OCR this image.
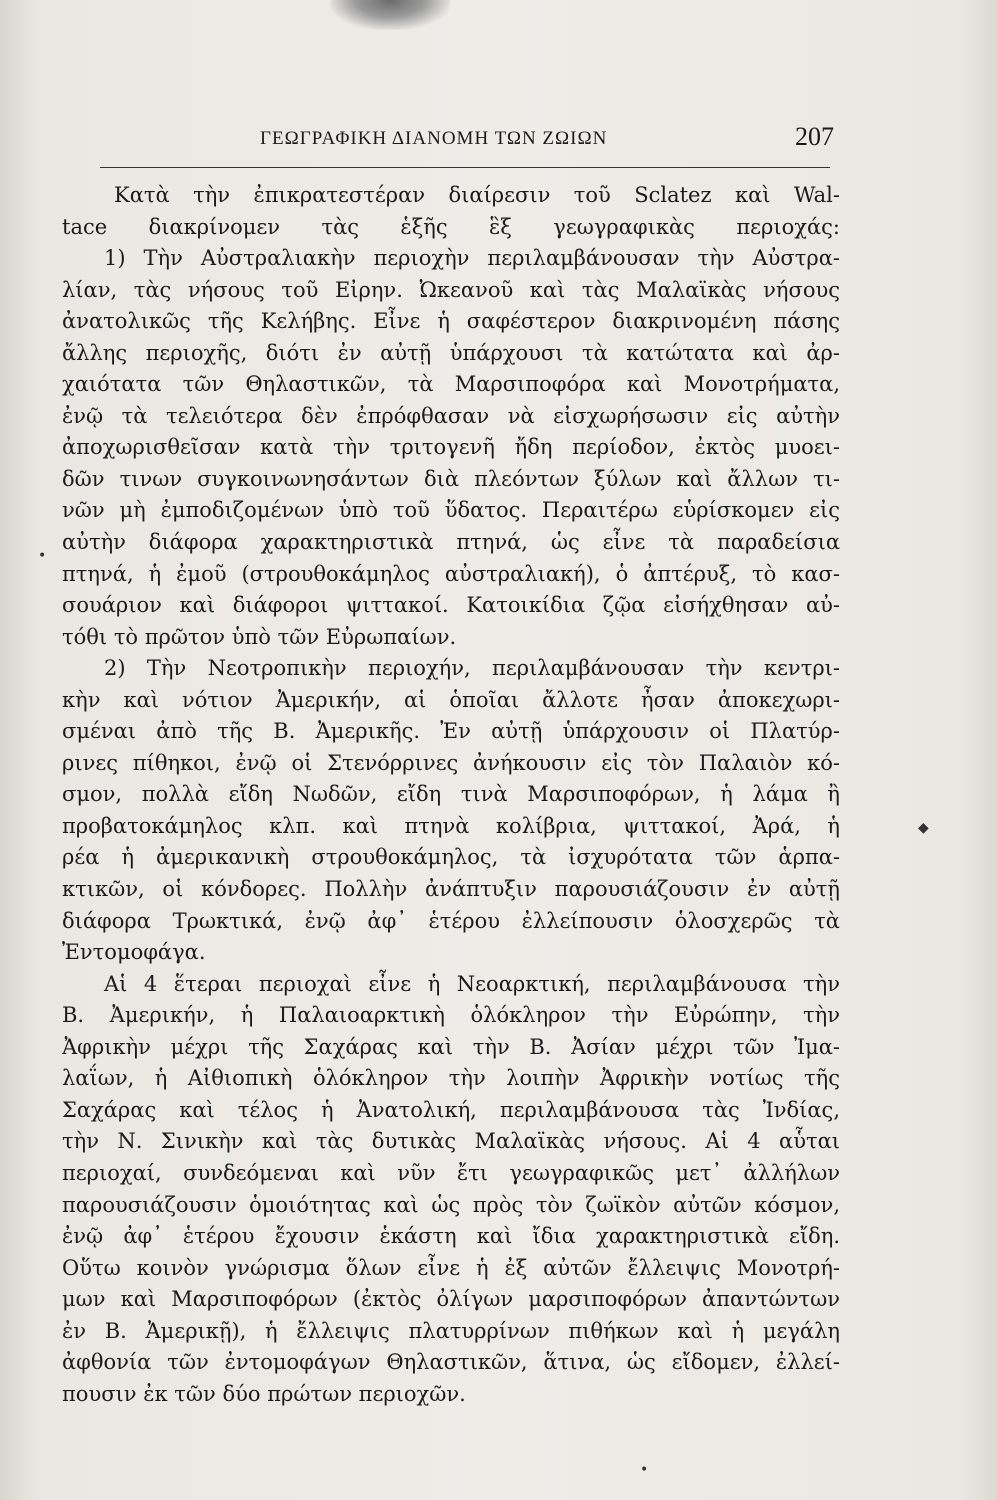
ΓΕΩΓΡΑΦΙΚΗ ΔΙΑΝΟΜΗ ΤΩΝ ΖΩΙΩΝ	207
Κατὰ τὴν ἐπικρατεστέραν διαίρεσιν τοῦ Sclatez καὶ Wal-
tace διακρίνομεν τὰς ἑξῆς ἓξ γεωγραφικὰς περιοχάς:
1) Τὴν Αὐστραλιακὴν περιοχὴν περιλαμβάνουσαν τὴν Αὐστρα-
λίαν, τὰς νήσους τοῦ Εἰρην. Ὠκεανοῦ καὶ τὰς Μαλαϊκὰς νήσους
ἀνατολικῶς τῆς Κελήβης. Εἶνε ἡ σαφέστερον διακρινομένη πάσης
ἄλλης περιοχῆς, διότι ἐν αὐτῇ ὑπάρχουσι τὰ κατώτατα καὶ ἀρ-
χαιότατα τῶν Θηλαστικῶν, τὰ Μαρσιποφόρα καὶ Μονοτρήματα,
ἐνῷ τὰ τελειότερα δὲν ἐπρόφθασαν νὰ εἰσχωρήσωσιν εἰς αὐτὴν
ἀποχωρισθεῖσαν κατὰ τὴν τριτογενῆ ἤδη περίοδον, ἐκτὸς μυοει-
δῶν τινων συγκοινωνησάντων διὰ πλεόντων ξύλων καὶ ἄλλων τι-
νῶν μὴ ἐμποδιζομένων ὑπὸ τοῦ ὕδατος. Περαιτέρω εὑρίσκομεν εἰς
αὐτὴν διάφορα χαρακτηριστικὰ πτηνά, ὡς εἶνε τὰ παραδείσια
πτηνά, ἡ ἐμοῦ (στρουθοκάμηλος αὐστραλιακή), ὁ ἀπτέρυξ, τὸ κασ-
σουάριον καὶ διάφοροι ψιττακοί. Κατοικίδια ζῷα εἰσήχθησαν αὐ-
τόθι τὸ πρῶτον ὑπὸ τῶν Εὐρωπαίων.
2) Τὴν Νεοτροπικὴν περιοχήν, περιλαμβάνουσαν τὴν κεντρι-
κὴν καὶ νότιον Ἀμερικήν, αἱ ὁποῖαι ἄλλοτε ἦσαν ἀποκεχωρι-
σμέναι ἀπὸ τῆς Β. Ἀμερικῆς. Ἐν αὐτῇ ὑπάρχουσιν οἱ Πλατύρ-
ρινες πίθηκοι, ἐνῷ οἱ Στενόρρινες ἀνήκουσιν εἰς τὸν Παλαιὸν κό-
σμον, πολλὰ εἴδη Νωδῶν, εἴδη τινὰ Μαρσιποφόρων, ἡ λάμα ἢ
προβατοκάμηλος κλπ. καὶ πτηνὰ κολίβρια, ψιττακοί, Ἀρά, ἡ
ρέα ἡ ἀμερικανικὴ στρουθοκάμηλος, τὰ ἰσχυρότατα τῶν ἁρπα-
κτικῶν, οἱ κόνδορες. Πολλὴν ἀνάπτυξιν παρουσιάζουσιν ἐν αὐτῇ
διάφορα Τρωκτικά, ἐνῷ ἀφ᾽ ἑτέρου ἐλλείπουσιν ὁλοσχερῶς τὰ
Ἐντομοφάγα.
Αἱ 4 ἕτεραι περιοχαὶ εἶνε ἡ Νεοαρκτική, περιλαμβάνουσα τὴν
Β. Ἀμερικήν, ἡ Παλαιοαρκτικὴ ὁλόκληρον τὴν Εὐρώπην, τὴν
Ἀφρικὴν μέχρι τῆς Σαχάρας καὶ τὴν Β. Ἀσίαν μέχρι τῶν Ἰμα-
λαΐων, ἡ Αἰθιοπικὴ ὁλόκληρον τὴν λοιπὴν Ἀφρικὴν νοτίως τῆς
Σαχάρας καὶ τέλος ἡ Ἀνατολική, περιλαμβάνουσα τὰς Ἰνδίας,
τὴν Ν. Σινικὴν καὶ τὰς δυτικὰς Μαλαϊκὰς νήσους. Αἱ 4 αὗται
περιοχαί, συνδεόμεναι καὶ νῦν ἔτι γεωγραφικῶς μετ᾽ ἀλλήλων
παρουσιάζουσιν ὁμοιότητας καὶ ὡς πρὸς τὸν ζωϊκὸν αὐτῶν κόσμον,
ἐνῷ ἀφ᾽ ἑτέρου ἔχουσιν ἑκάστη καὶ ἴδια χαρακτηριστικὰ εἴδη.
Οὕτω κοινὸν γνώρισμα ὅλων εἶνε ἡ ἐξ αὐτῶν ἔλλειψις Μονοτρή-
μων καὶ Μαρσιποφόρων (ἐκτὸς ὀλίγων μαρσιποφόρων ἀπαντώντων
ἐν Β. Ἀμερικῇ), ἡ ἔλλειψις πλατυρρίνων πιθήκων καὶ ἡ μεγάλη
ἀφθονία τῶν ἐντομοφάγων Θηλαστικῶν, ἅτινα, ὡς εἴδομεν, ἐλλεί-
πουσιν ἐκ τῶν δύο πρώτων περιοχῶν.
•
◆
•
